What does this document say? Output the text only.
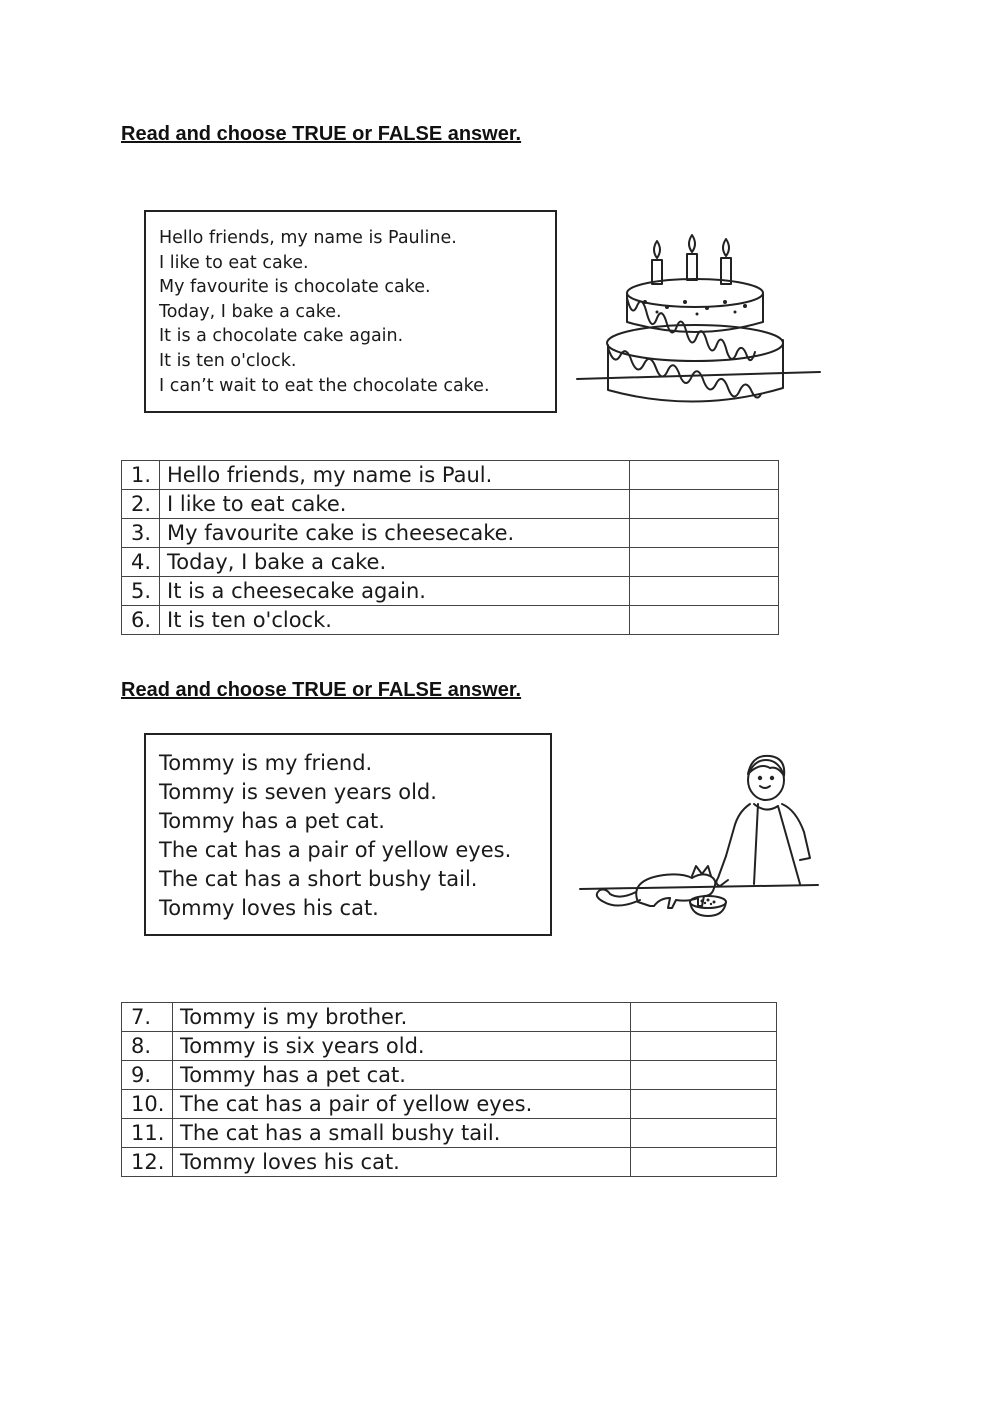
Read and choose TRUE or FALSE answer.
Hello friends, my name is Pauline.
I like to eat cake.
My favourite is chocolate cake.
Today, I bake a cake.
It is a chocolate cake again.
It is ten o'clock.
I can’t wait to eat the chocolate cake.
1.	Hello friends, my name is Paul.	
2.	I like to eat cake.	
3.	My favourite cake is cheesecake.	
4.	Today, I bake a cake.	
5.	It is a cheesecake again.	
6.	It is ten o'clock.	
Read and choose TRUE or FALSE answer.
Tommy is my friend.
Tommy is seven years old.
Tommy has a pet cat.
The cat has a pair of yellow eyes.
The cat has a short bushy tail.
Tommy loves his cat.
7.	Tommy is my brother.	
8.	Tommy is six years old.	
9.	Tommy has a pet cat.	
10.	The cat has a pair of yellow eyes.	
11.	The cat has a small bushy tail.	
12.	Tommy loves his cat.	
